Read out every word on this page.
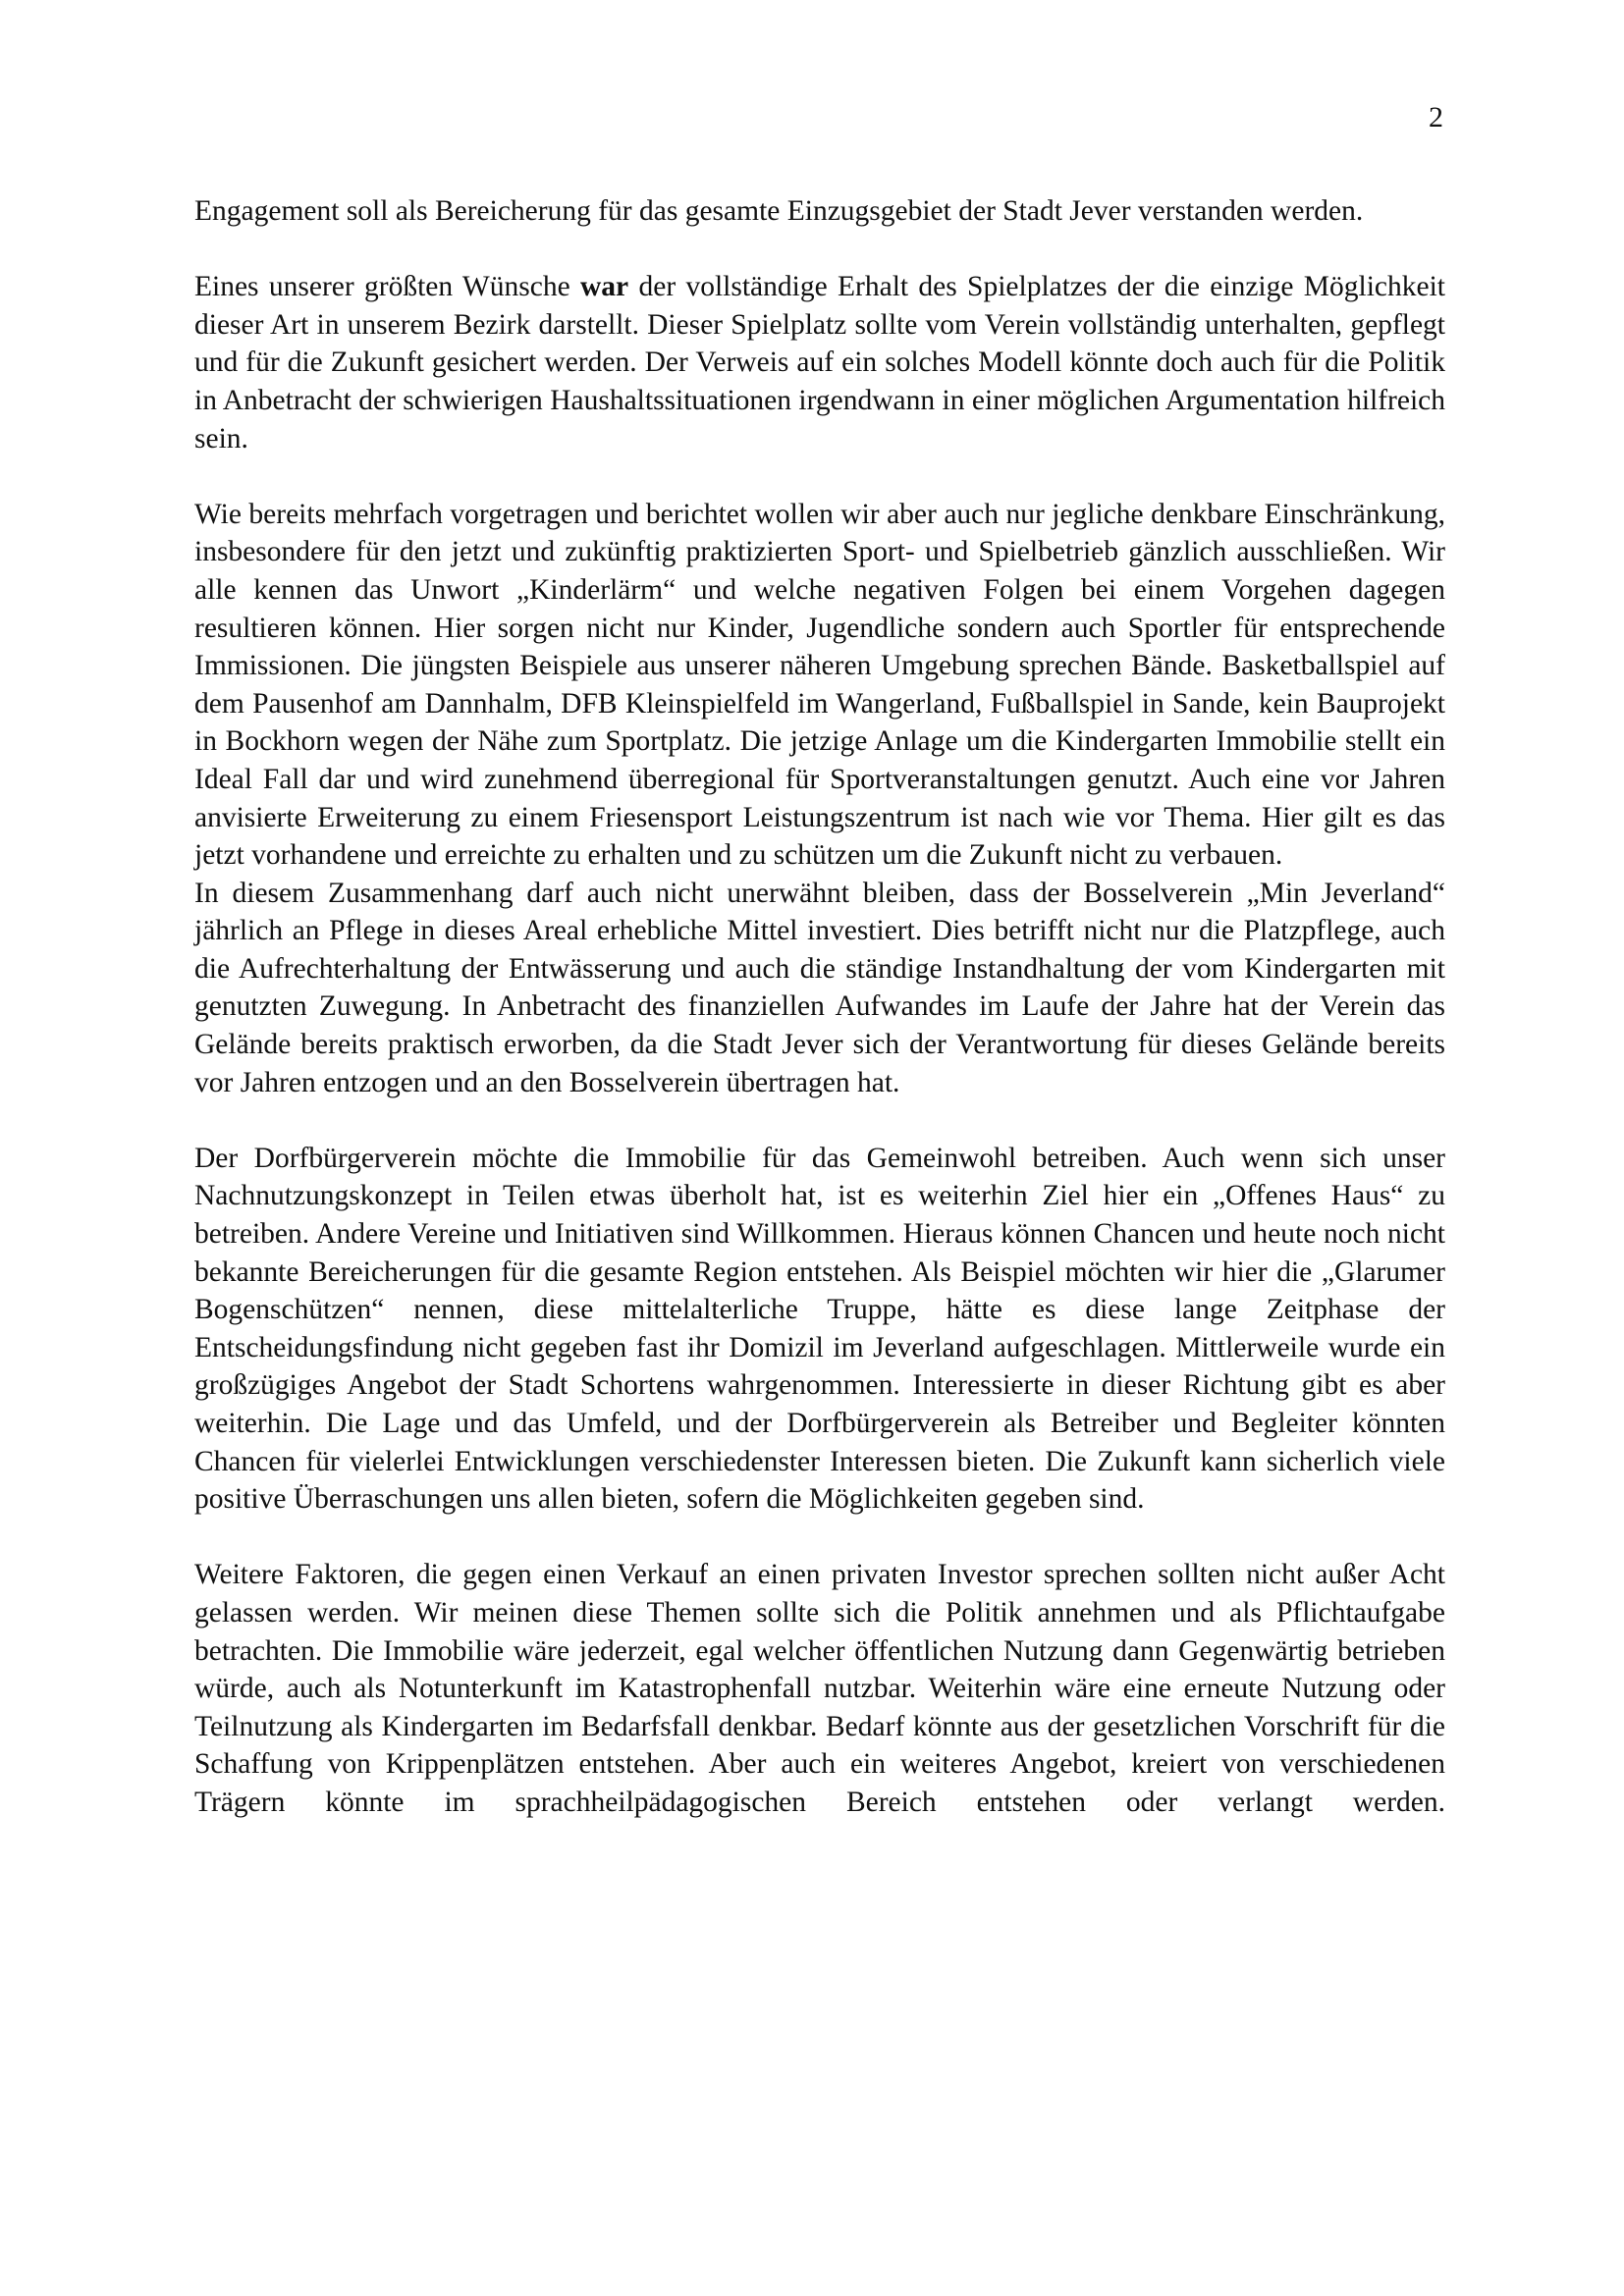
2

Engagement soll als Bereicherung für das gesamte Einzugsgebiet der Stadt Jever verstanden werden.

Eines unserer größten Wünsche war der vollständige Erhalt des Spielplatzes der die einzige Möglichkeit dieser Art in unserem Bezirk darstellt. Dieser Spielplatz sollte vom Verein vollständig unterhalten, gepflegt und für die Zukunft gesichert werden. Der Verweis auf ein solches Modell könnte doch auch für die Politik in Anbetracht der schwierigen Haushaltssituationen irgendwann in einer möglichen Argumentation hilfreich sein.

Wie bereits mehrfach vorgetragen und berichtet wollen wir aber auch nur jegliche denkbare Einschränkung, insbesondere für den jetzt und zukünftig praktizierten Sport- und Spielbetrieb gänzlich ausschließen. Wir alle kennen das Unwort „Kinderlärm“ und welche negativen Folgen bei einem Vorgehen dagegen resultieren können. Hier sorgen nicht nur Kinder, Jugendliche sondern auch Sportler für entsprechende Immissionen. Die jüngsten Beispiele aus unserer näheren Umgebung sprechen Bände. Basketballspiel auf dem Pausenhof am Dannhalm, DFB Kleinspielfeld im Wangerland, Fußballspiel in Sande, kein Bauprojekt in Bockhorn wegen der Nähe zum Sportplatz. Die jetzige Anlage um die Kindergarten Immobilie stellt ein Ideal Fall dar und wird zunehmend überregional für Sportveranstaltungen genutzt. Auch eine vor Jahren anvisierte Erweiterung zu einem Friesensport Leistungszentrum ist nach wie vor Thema. Hier gilt es das jetzt vorhandene und erreichte zu erhalten und zu schützen um die Zukunft nicht zu verbauen.

In diesem Zusammenhang darf auch nicht unerwähnt bleiben, dass der Bosselverein „Min Jeverland“ jährlich an Pflege in dieses Areal erhebliche Mittel investiert. Dies betrifft nicht nur die Platzpflege, auch die Aufrechterhaltung der Entwässerung und auch die ständige Instandhaltung der vom Kindergarten mit genutzten Zuwegung. In Anbetracht des finanziellen Aufwandes im Laufe der Jahre hat der Verein das Gelände bereits praktisch erworben, da die Stadt Jever sich der Verantwortung für dieses Gelände bereits vor Jahren entzogen und an den Bosselverein übertragen hat.

Der Dorfbürgerverein möchte die Immobilie für das Gemeinwohl betreiben. Auch wenn sich unser Nachnutzungskonzept in Teilen etwas überholt hat, ist es weiterhin Ziel hier ein „Offenes Haus“ zu betreiben. Andere Vereine und Initiativen sind Willkommen. Hieraus können Chancen und heute noch nicht bekannte Bereicherungen für die gesamte Region entstehen. Als Beispiel möchten wir hier die „Glarumer Bogenschützen“ nennen, diese mittelalterliche Truppe, hätte es diese lange Zeitphase der Entscheidungsfindung nicht gegeben fast ihr Domizil im Jeverland aufgeschlagen. Mittlerweile wurde ein großzügiges Angebot der Stadt Schortens wahrgenommen. Interessierte in dieser Richtung gibt es aber weiterhin. Die Lage und das Umfeld, und der Dorfbürgerverein als Betreiber und Begleiter könnten Chancen für vielerlei Entwicklungen verschiedenster Interessen bieten. Die Zukunft kann sicherlich viele positive Überraschungen uns allen bieten, sofern die Möglichkeiten gegeben sind.

Weitere Faktoren, die gegen einen Verkauf an einen privaten Investor sprechen sollten nicht außer Acht gelassen werden. Wir meinen diese Themen sollte sich die Politik annehmen und als Pflichtaufgabe betrachten. Die Immobilie wäre jederzeit, egal welcher öffentlichen Nutzung dann Gegenwärtig betrieben würde, auch als Notunterkunft im Katastrophenfall nutzbar. Weiterhin wäre eine erneute Nutzung oder Teilnutzung als Kindergarten im Bedarfsfall denkbar. Bedarf könnte aus der gesetzlichen Vorschrift für die Schaffung von Krippenplätzen entstehen. Aber auch ein weiteres Angebot, kreiert von verschiedenen Trägern könnte im sprachheilpädagogischen Bereich entstehen oder verlangt werden.
